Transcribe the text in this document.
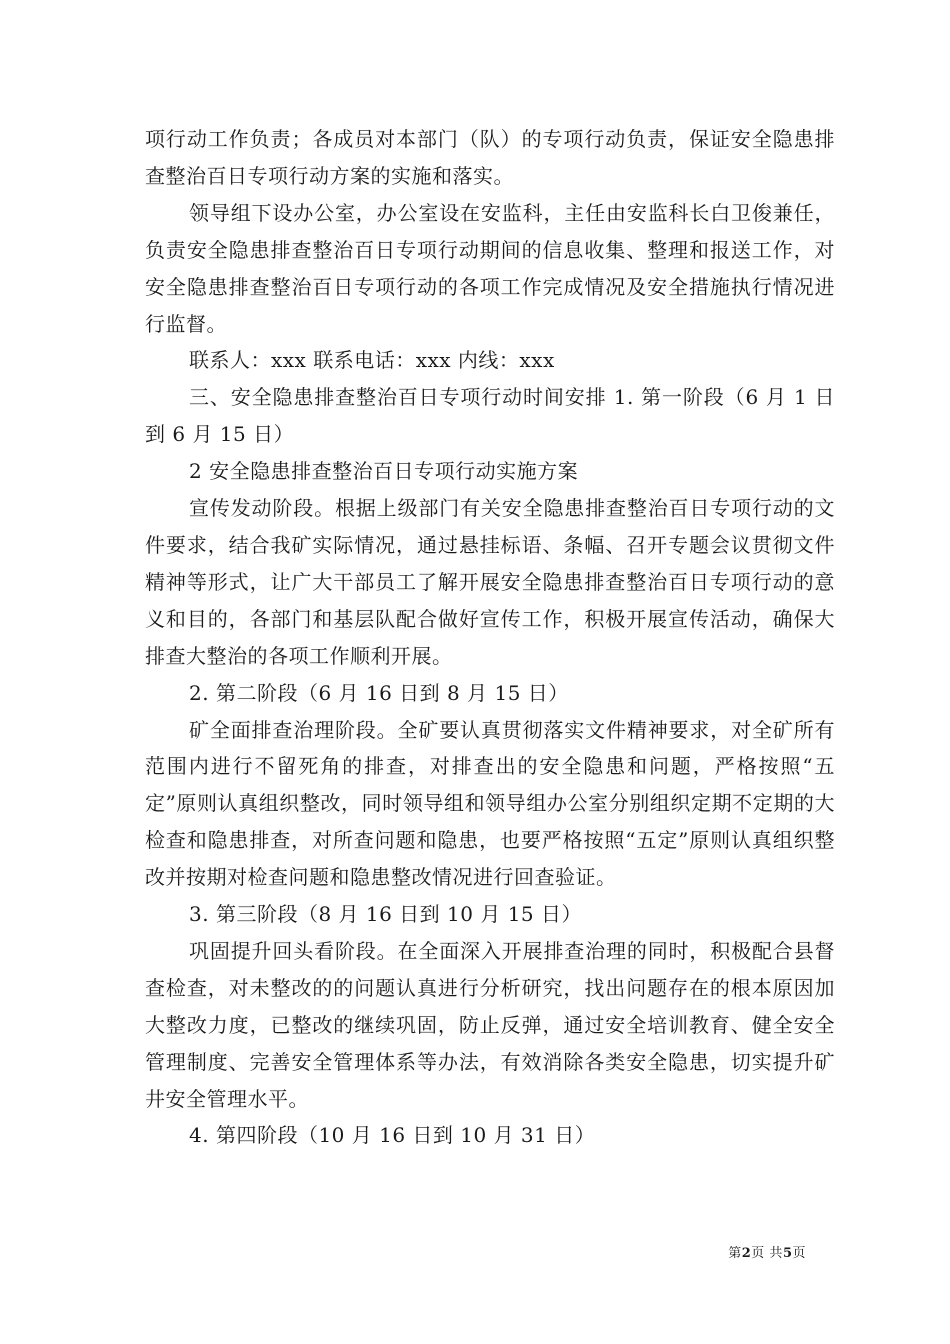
项行动工作负责；各成员对本部门（队）的专项行动负责，保证安全隐患排查整治百日专项行动方案的实施和落实。

领导组下设办公室，办公室设在安监科，主任由安监科长白卫俊兼任，负责安全隐患排查整治百日专项行动期间的信息收集、整理和报送工作，对安全隐患排查整治百日专项行动的各项工作完成情况及安全措施执行情况进行监督。

联系人：xxx 联系电话：xxx 内线：xxx

三、安全隐患排查整治百日专项行动时间安排 1. 第一阶段（6 月 1 日到 6 月 15 日）

2 安全隐患排查整治百日专项行动实施方案

宣传发动阶段。根据上级部门有关安全隐患排查整治百日专项行动的文件要求，结合我矿实际情况，通过悬挂标语、条幅、召开专题会议贯彻文件精神等形式，让广大干部员工了解开展安全隐患排查整治百日专项行动的意义和目的，各部门和基层队配合做好宣传工作，积极开展宣传活动，确保大排查大整治的各项工作顺利开展。

2. 第二阶段（6 月 16 日到 8 月 15 日）

矿全面排查治理阶段。全矿要认真贯彻落实文件精神要求，对全矿所有范围内进行不留死角的排查，对排查出的安全隐患和问题，严格按照“五定”原则认真组织整改，同时领导组和领导组办公室分别组织定期不定期的大检查和隐患排查，对所查问题和隐患，也要严格按照“五定”原则认真组织整改并按期对检查问题和隐患整改情况进行回查验证。

3. 第三阶段（8 月 16 日到 10 月 15 日）

巩固提升回头看阶段。在全面深入开展排查治理的同时，积极配合县督查检查，对未整改的的问题认真进行分析研究，找出问题存在的根本原因加大整改力度，已整改的继续巩固，防止反弹，通过安全培训教育、健全安全管理制度、完善安全管理体系等办法，有效消除各类安全隐患，切实提升矿井安全管理水平。

4. 第四阶段（10 月 16 日到 10 月 31 日）

第2页 共5页
